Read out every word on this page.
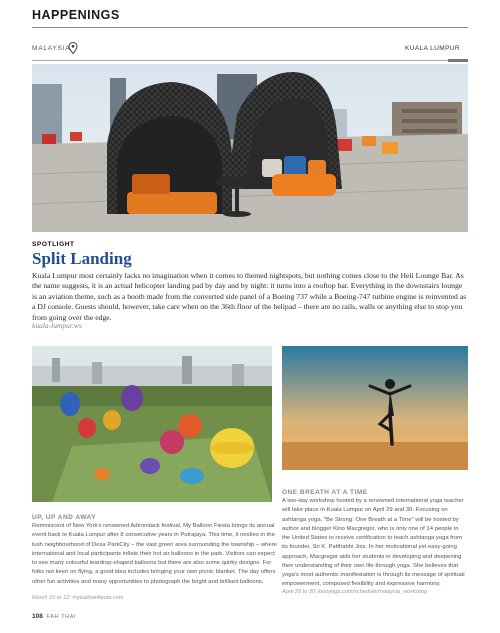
HAPPENINGS
MALAYSIA	KUALA LUMPUR
SPOTLIGHT
Split Landing
Kuala Lumpur most certainly lacks no imagination when it comes to themed nightspots, but nothing comes close to the Heli Lounge Bar. As the name suggests, it is an actual helicopter landing pad by day and by night: it turns into a rooftop bar. Everything in the downstairs lounge is an aviation theme, such as a booth made from the converted side panel of a Boeing 737 while a Boeing-747 turbine engine is reinvented as a DJ console. Guests should, however, take care when on the 36th floor of the helipad – there are no rails, walls or anything else to stop you from going over the edge.
kuala-lumpur.ws
UP, UP AND AWAY
Reminiscent of New York's renowned Adirondack festival, My Balloon Fiesta brings its annual event back to Kuala Lumpur after 8 consecutive years in Putrajaya. This time, it nestles in the lush neighbourhood of Desa ParkCity – the vast green area surrounding the township – where international and local participants inflate their hot air balloons in the park. Visitors can expect to see many colourful teardrop-shaped balloons but there are also some quirky designs. For folks not keen on flying, a good idea includes bringing your own picnic blanket. The day offers other fun activities and many opportunities to photograph the bright and brilliant balloons.
March 10 to 12; myballoonfiesta.com
ONE BREATH AT A TIME
A two-day workshop hosted by a renowned international yoga teacher will take place in Kuala Lumpur on April 29 and 30. Focusing on ashtanga yoga, "Be Strong: One Breath at a Time" will be hosted by author and blogger Kino Macgregor, who is only one of 14 people in the United States to receive certification to teach ashtanga yoga from its founder, Sri K. Patthabhi Jois. In her motivational yet easy-going approach, Macgregor aids her students in developing and deepening their understanding of their own life through yoga. She believes that yoga's most authentic manifestation is through its message of spiritual empowerment, composed flexibility and expressive harmony.
April 29 to 30; kinoyoga.com/schedule/malaysia_workshop
108 FAH THAI
